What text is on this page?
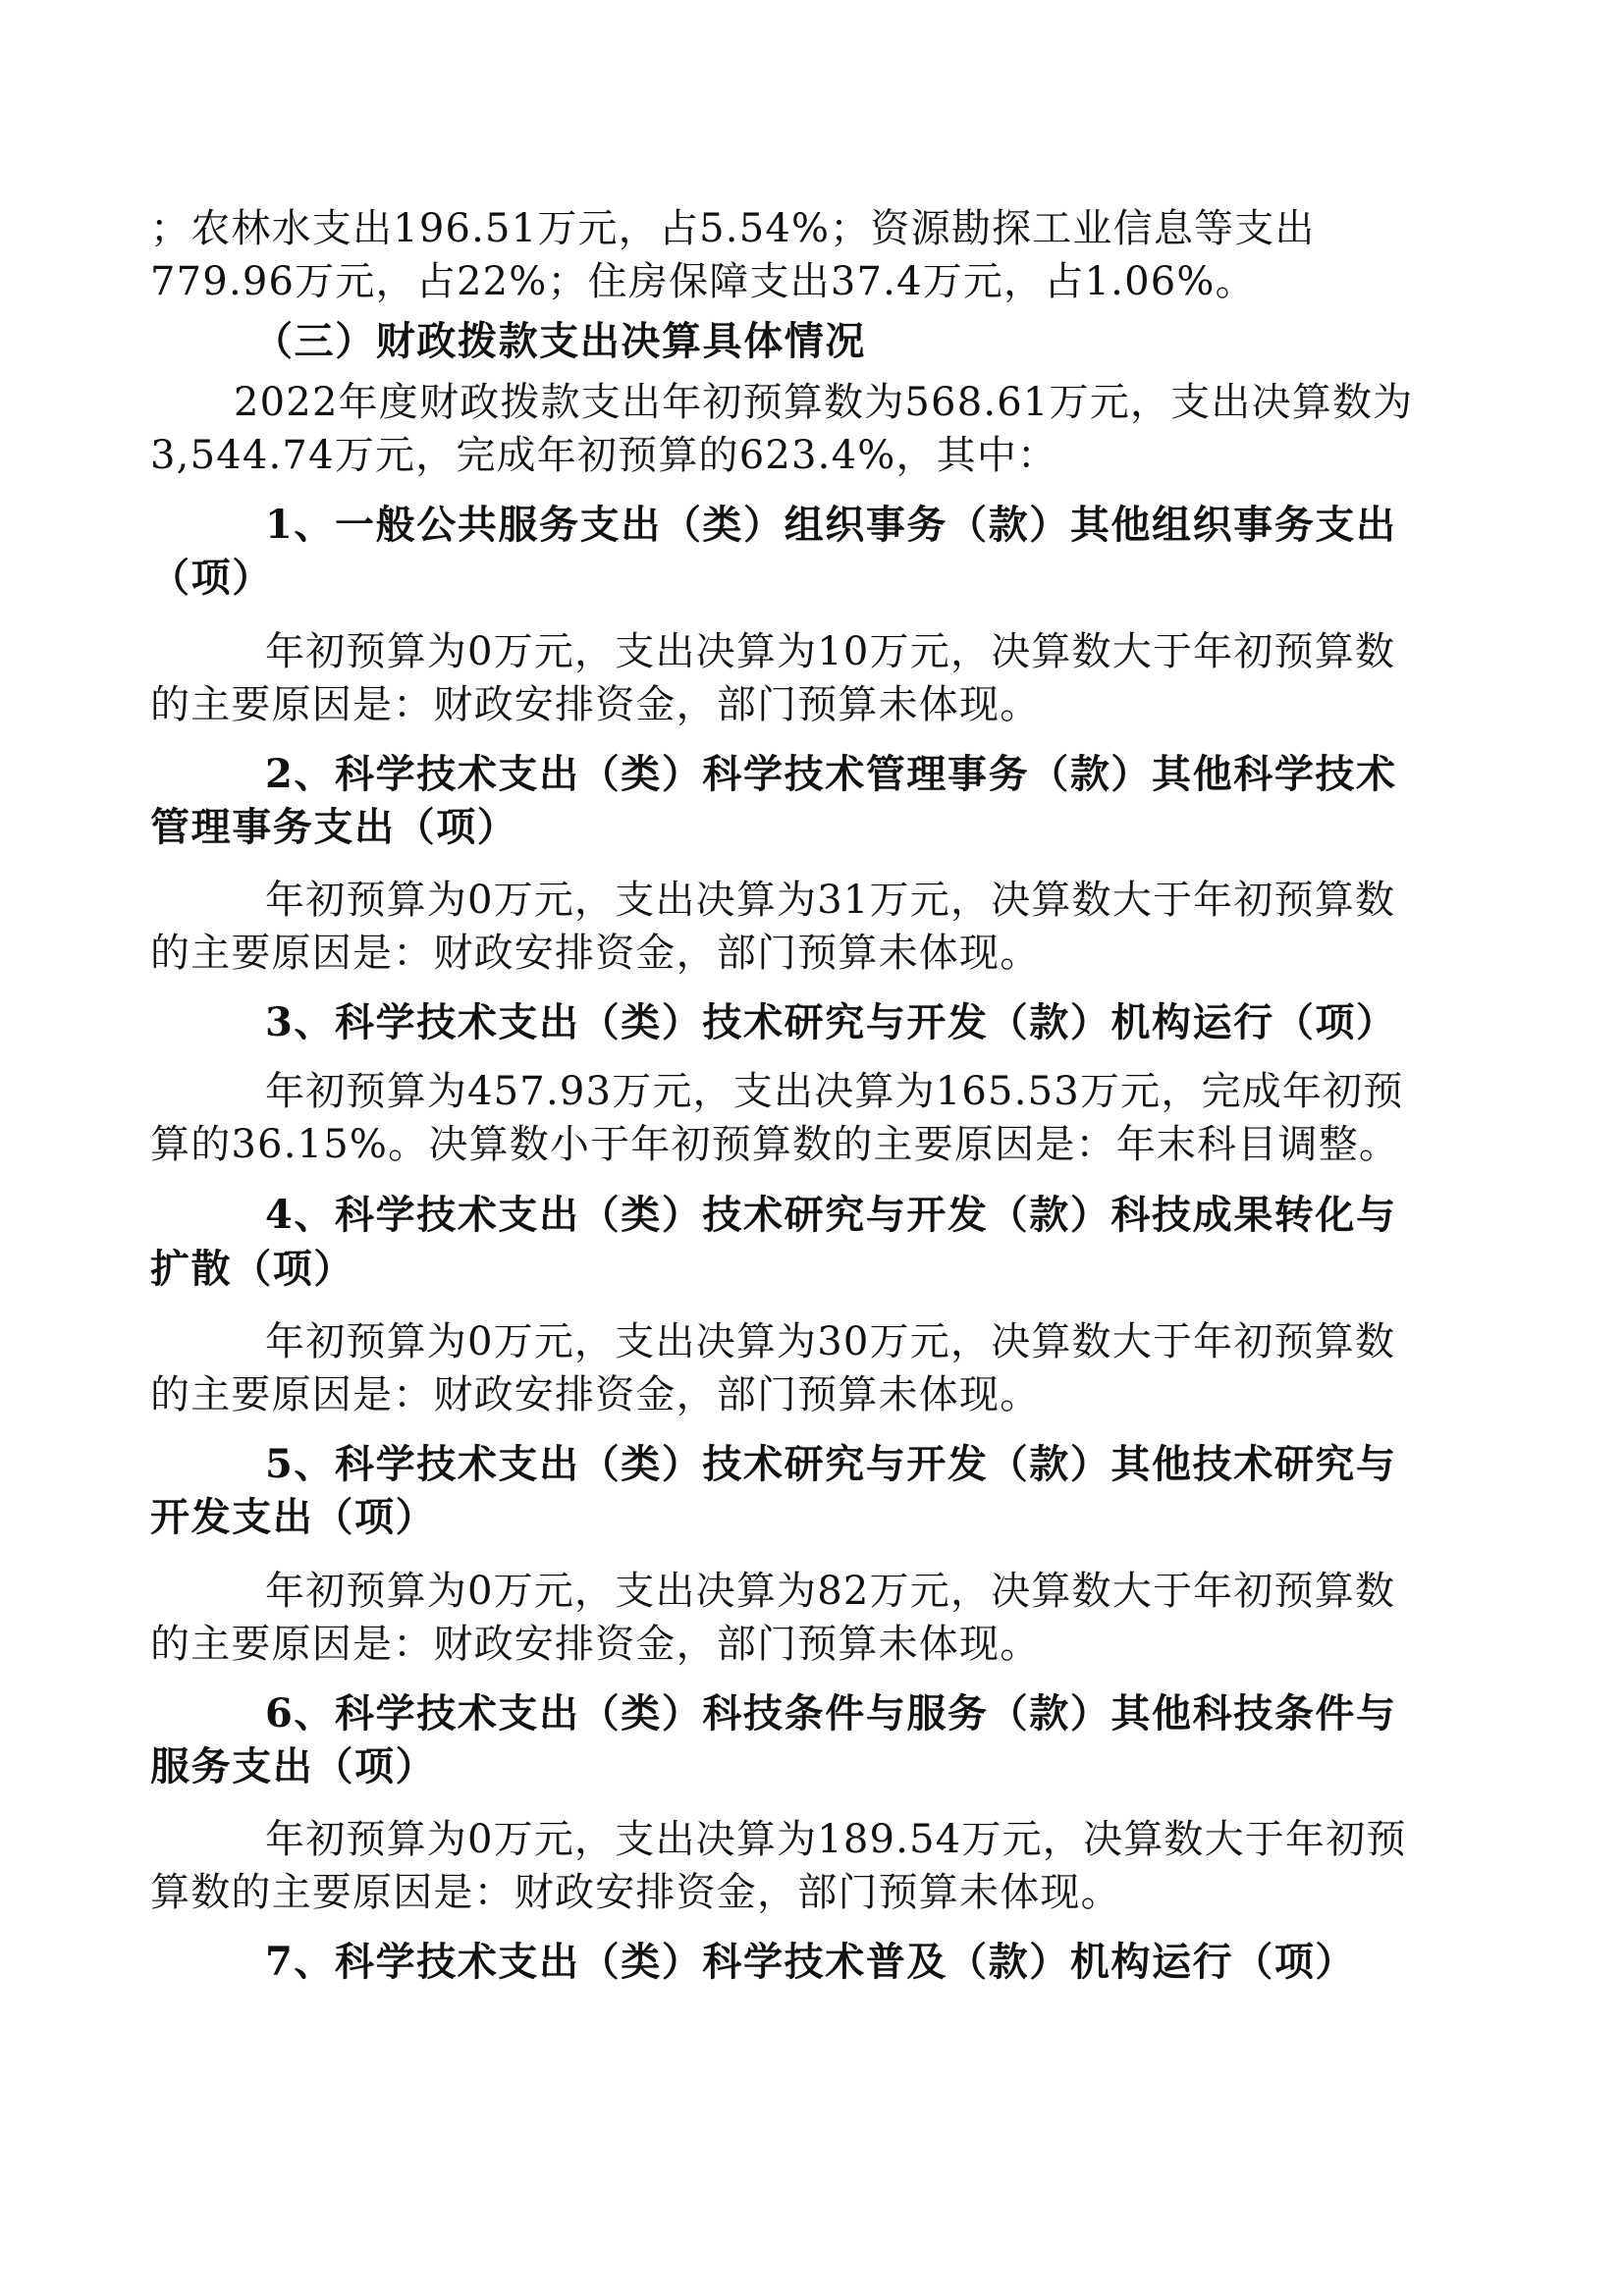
；农林水支出196.51万元，占5.54%；资源勘探工业信息等支出

779.96万元，占22%；住房保障支出37.4万元，占1.06%。

（三）财政拨款支出决算具体情况

2022年度财政拨款支出年初预算数为568.61万元，支出决算数为

3,544.74万元，完成年初预算的623.4%，其中：

1、一般公共服务支出（类）组织事务（款）其他组织事务支出

（项）

年初预算为0万元，支出决算为10万元，决算数大于年初预算数

的主要原因是：财政安排资金，部门预算未体现。

2、科学技术支出（类）科学技术管理事务（款）其他科学技术

管理事务支出（项）

年初预算为0万元，支出决算为31万元，决算数大于年初预算数

的主要原因是：财政安排资金，部门预算未体现。

3、科学技术支出（类）技术研究与开发（款）机构运行（项）

年初预算为457.93万元，支出决算为165.53万元，完成年初预

算的36.15%。决算数小于年初预算数的主要原因是：年末科目调整。

4、科学技术支出（类）技术研究与开发（款）科技成果转化与

扩散（项）

年初预算为0万元，支出决算为30万元，决算数大于年初预算数

的主要原因是：财政安排资金，部门预算未体现。

5、科学技术支出（类）技术研究与开发（款）其他技术研究与

开发支出（项）

年初预算为0万元，支出决算为82万元，决算数大于年初预算数

的主要原因是：财政安排资金，部门预算未体现。

6、科学技术支出（类）科技条件与服务（款）其他科技条件与

服务支出（项）

年初预算为0万元，支出决算为189.54万元，决算数大于年初预

算数的主要原因是：财政安排资金，部门预算未体现。

7、科学技术支出（类）科学技术普及（款）机构运行（项）
